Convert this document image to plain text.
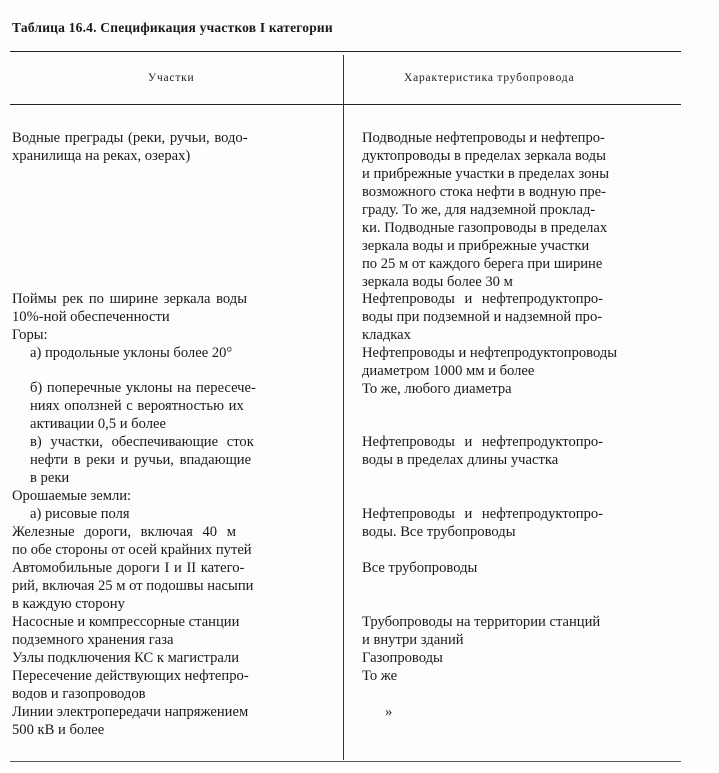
Таблица 16.4. Спецификация участков I категории
Участки	Характеристика трубопровода
Водные преграды (реки, ручьи, водо-
хранилища на реках, озерах)
Поймы рек по ширине зеркала воды
10%-ной обеспеченности
Горы:
а) продольные уклоны более 20°
б) поперечные уклоны на пересече-
ниях оползней с вероятностью их
активации 0,5 и более
в) участки, обеспечивающие сток
нефти в реки и ручьи, впадающие
в реки
Орошаемые земли:
а) рисовые поля
Железные дороги, включая 40 м
по обе стороны от осей крайних путей
Автомобильные дороги I и II катего-
рий, включая 25 м от подошвы насыпи
в каждую сторону
Насосные и компрессорные станции
подземного хранения газа
Узлы подключения КС к магистрали
Пересечение действующих нефтепро-
водов и газопроводов
Линии электропередачи напряжением
500 кВ и более
Подводные нефтепроводы и нефтепро-
дуктопроводы в пределах зеркала воды
и прибрежные участки в пределах зоны
возможного стока нефти в водную пре-
граду. То же, для надземной проклад-
ки. Подводные газопроводы в пределах
зеркала воды и прибрежные участки
по 25 м от каждого берега при ширине
зеркала воды более 30 м
Нефтепроводы и нефтепродуктопро-
воды при подземной и надземной про-
кладках
Нефтепроводы и нефтепродуктопроводы
диаметром 1000 мм и более
То же, любого диаметра
Нефтепроводы и нефтепродуктопро-
воды в пределах длины участка
Нефтепроводы и нефтепродуктопро-
воды. Все трубопроводы
Все трубопроводы
Трубопроводы на территории станций
и внутри зданий
Газопроводы
То же
»
